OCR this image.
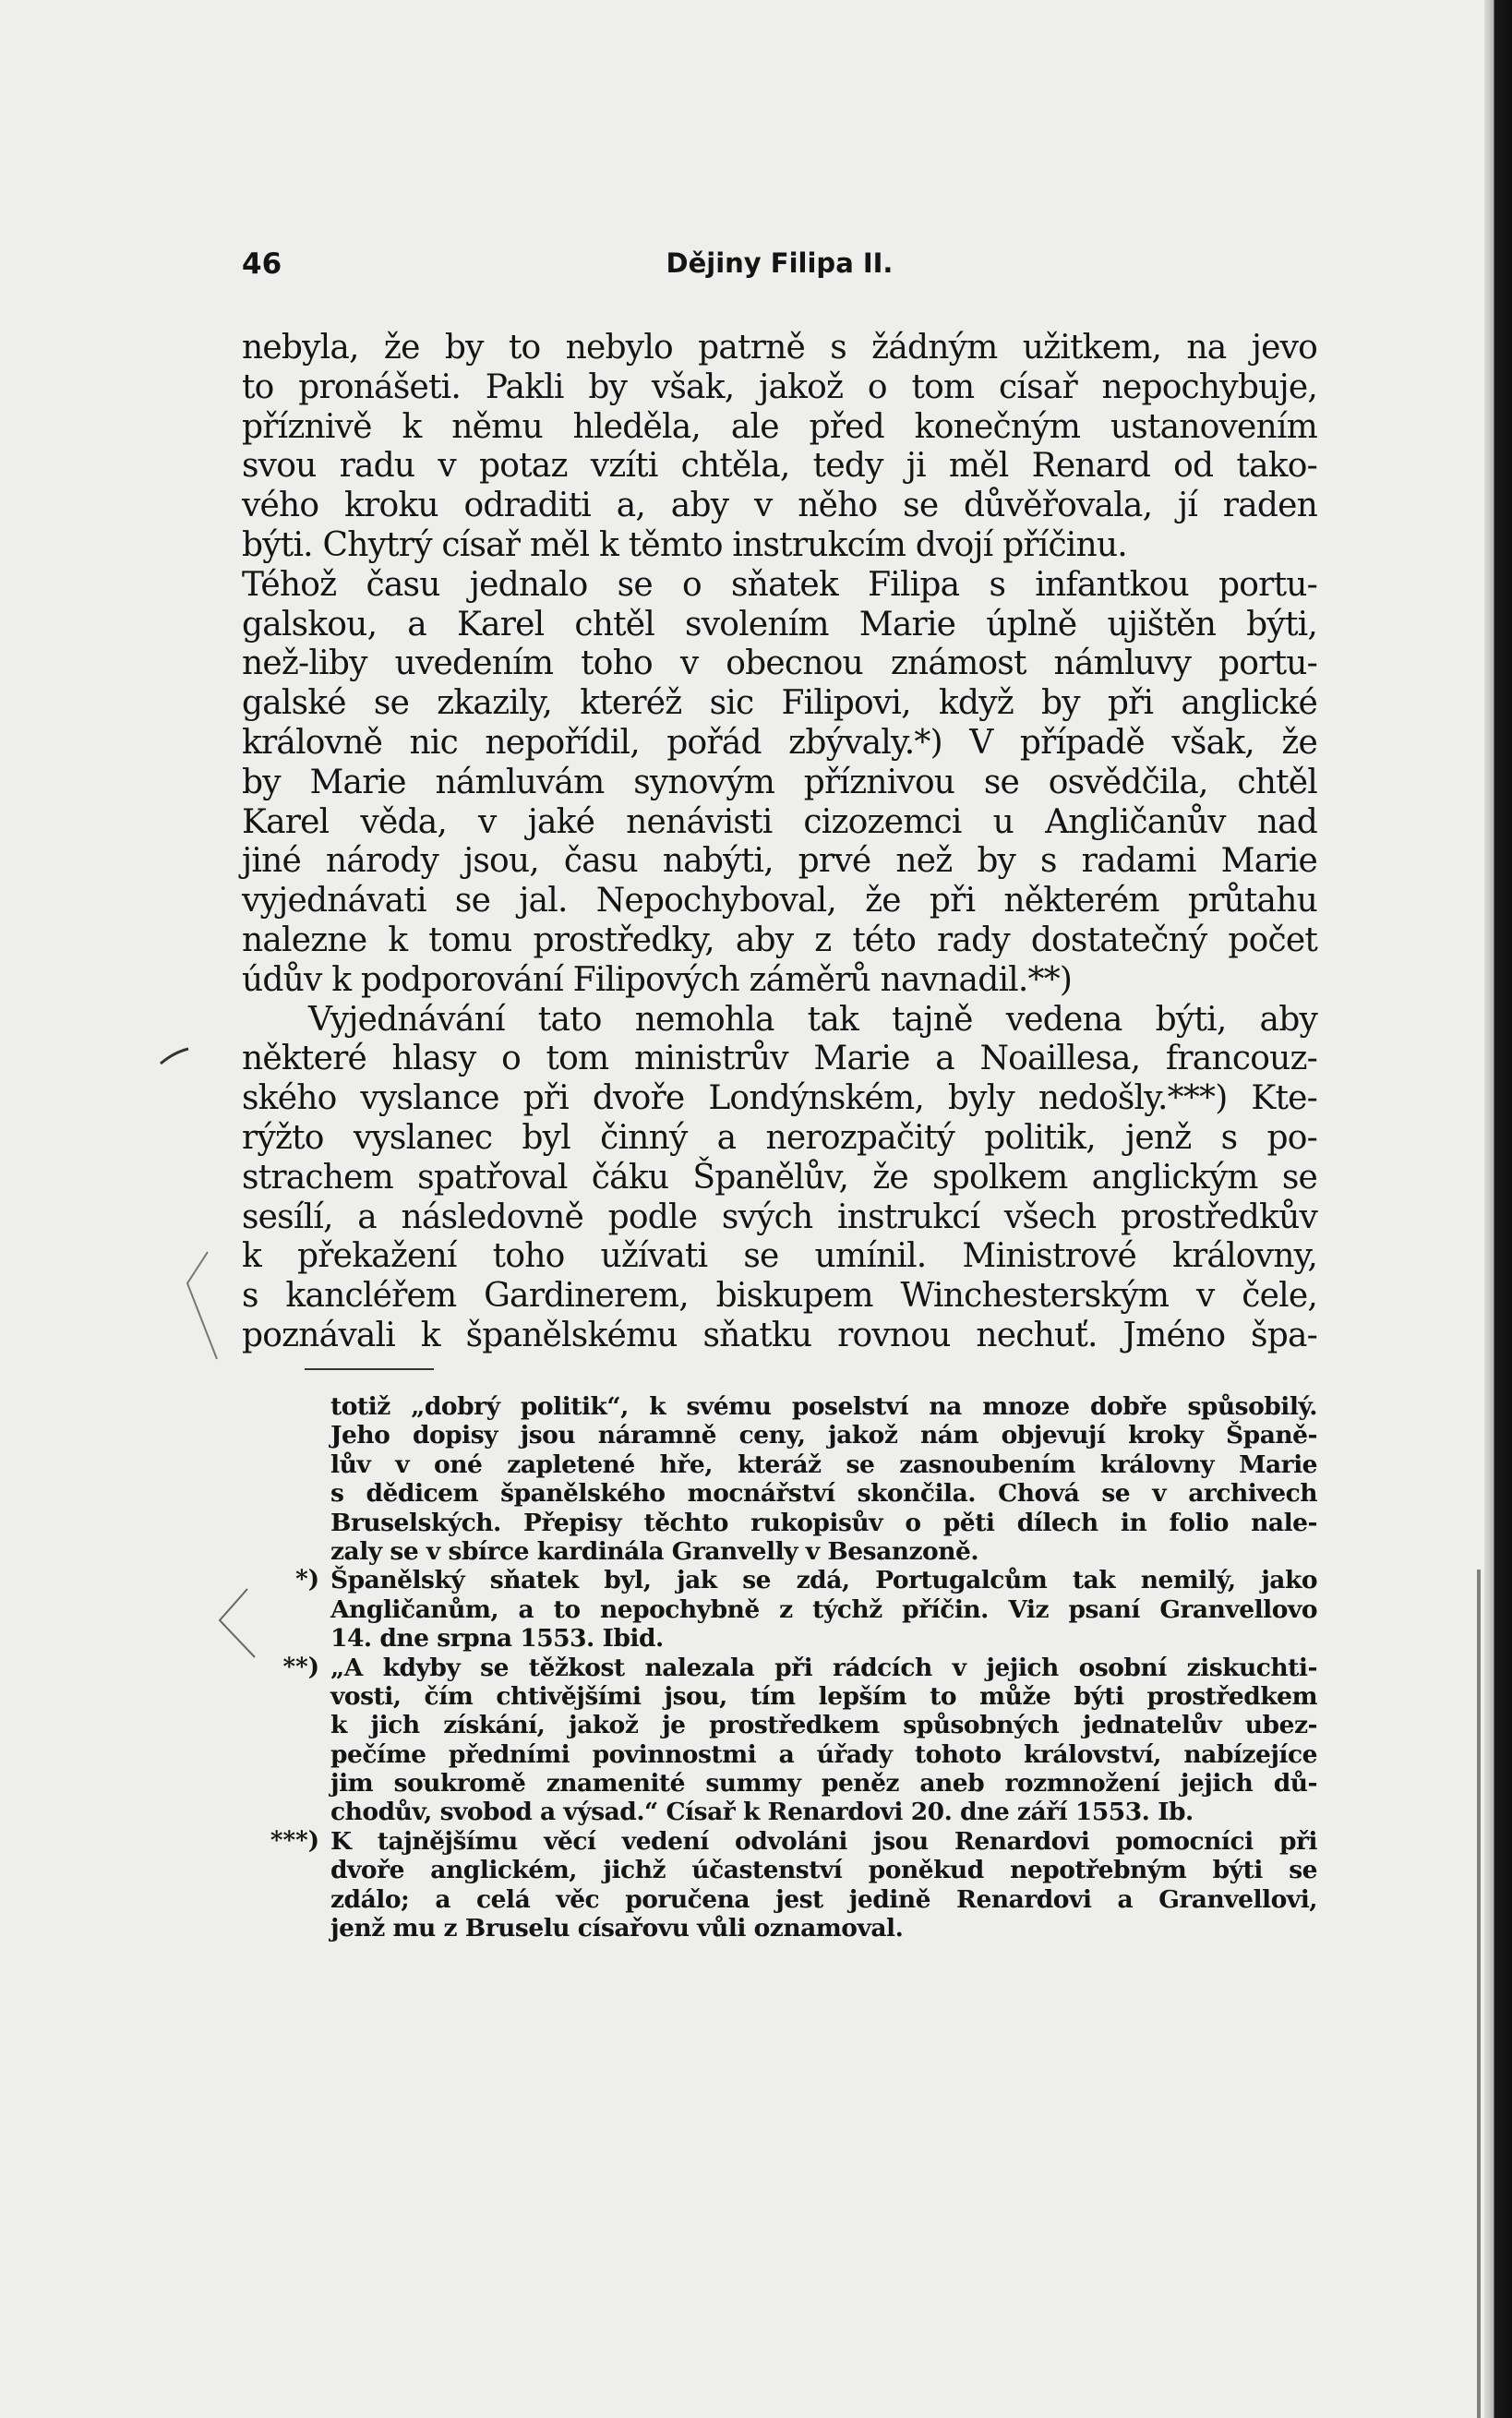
46	Dějiny Filipa II.
nebyla, že by to nebylo patrně s žádným užitkem, na jevo
to pronášeti. Pakli by však, jakož o tom císař nepochybuje,
příznivě k němu hleděla, ale před konečným ustanovením
svou radu v potaz vzíti chtěla, tedy ji měl Renard od tako-
vého kroku odraditi a, aby v něho se důvěřovala, jí raden
býti. Chytrý císař měl k těmto instrukcím dvojí příčinu.
Téhož času jednalo se o sňatek Filipa s infantkou portu-
galskou, a Karel chtěl svolením Marie úplně ujištěn býti,
než-liby uvedením toho v obecnou známost námluvy portu-
galské se zkazily, kteréž sic Filipovi, když by při anglické
královně nic nepořídil, pořád zbývaly.*) V případě však, že
by Marie námluvám synovým příznivou se osvědčila, chtěl
Karel věda, v jaké nenávisti cizozemci u Angličanův nad
jiné národy jsou, času nabýti, prvé než by s radami Marie
vyjednávati se jal. Nepochyboval, že při některém průtahu
nalezne k tomu prostředky, aby z této rady dostatečný počet
údův k podporování Filipových záměrů navnadil.**)
Vyjednávání tato nemohla tak tajně vedena býti, aby
některé hlasy o tom ministrův Marie a Noaillesa, francouz-
ského vyslance při dvoře Londýnském, byly nedošly.***) Kte-
rýžto vyslanec byl činný a nerozpačitý politik, jenž s po-
strachem spatřoval čáku Španělův, že spolkem anglickým se
sesílí, a následovně podle svých instrukcí všech prostředkův
k překažení toho užívati se umínil. Ministrové královny,
s kancléřem Gardinerem, biskupem Winchesterským v čele,
poznávali k španělskému sňatku rovnou nechuť. Jméno špa-
totiž „dobrý politik“, k svému poselství na mnoze dobře spůsobilý.
Jeho dopisy jsou náramně ceny, jakož nám objevují kroky Španě-
lův v oné zapletené hře, kteráž se zasnoubením královny Marie
s dědicem španělského mocnářství skončila. Chová se v archivech
Bruselských. Přepisy těchto rukopisův o pěti dílech in folio nale-
zaly se v sbírce kardinála Granvelly v Besanzoně.
*) Španělský sňatek byl, jak se zdá, Portugalcům tak nemilý, jako
Angličanům, a to nepochybně z týchž příčin. Viz psaní Granvellovo
14. dne srpna 1553. Ibid.
**) „A kdyby se těžkost nalezala při rádcích v jejich osobní ziskuchti-
vosti, čím chtivějšími jsou, tím lepším to může býti prostředkem
k jich získání, jakož je prostředkem spůsobných jednatelův ubez-
pečíme předními povinnostmi a úřady tohoto království, nabízejíce
jim soukromě znamenité summy peněz aneb rozmnožení jejich dů-
chodův, svobod a výsad.“ Císař k Renardovi 20. dne září 1553. Ib.
***) K tajnějšímu věcí vedení odvoláni jsou Renardovi pomocníci při
dvoře anglickém, jichž účastenství poněkud nepotřebným býti se
zdálo; a celá věc poručena jest jedině Renardovi a Granvellovi,
jenž mu z Bruselu císařovu vůli oznamoval.
